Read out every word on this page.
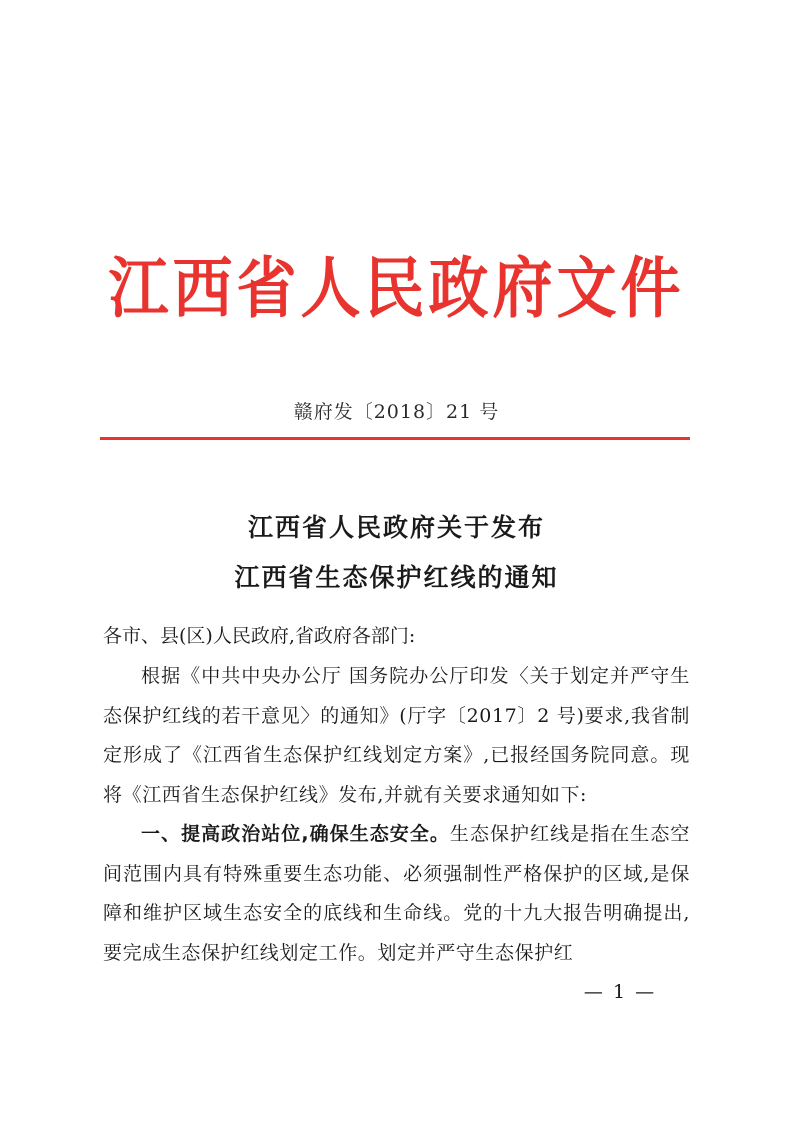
江西省人民政府文件
赣府发〔2018〕21 号
江西省人民政府关于发布
江西省生态保护红线的通知
各市、县(区)人民政府,省政府各部门:
根据《中共中央办公厅 国务院办公厅印发〈关于划定并严守生态保护红线的若干意见〉的通知》(厅字〔2017〕2 号)要求,我省制定形成了《江西省生态保护红线划定方案》,已报经国务院同意。现将《江西省生态保护红线》发布,并就有关要求通知如下:
一、提高政治站位,确保生态安全。生态保护红线是指在生态空间范围内具有特殊重要生态功能、必须强制性严格保护的区域,是保障和维护区域生态安全的底线和生命线。党的十九大报告明确提出,要完成生态保护红线划定工作。划定并严守生态保护红
— 1 —
